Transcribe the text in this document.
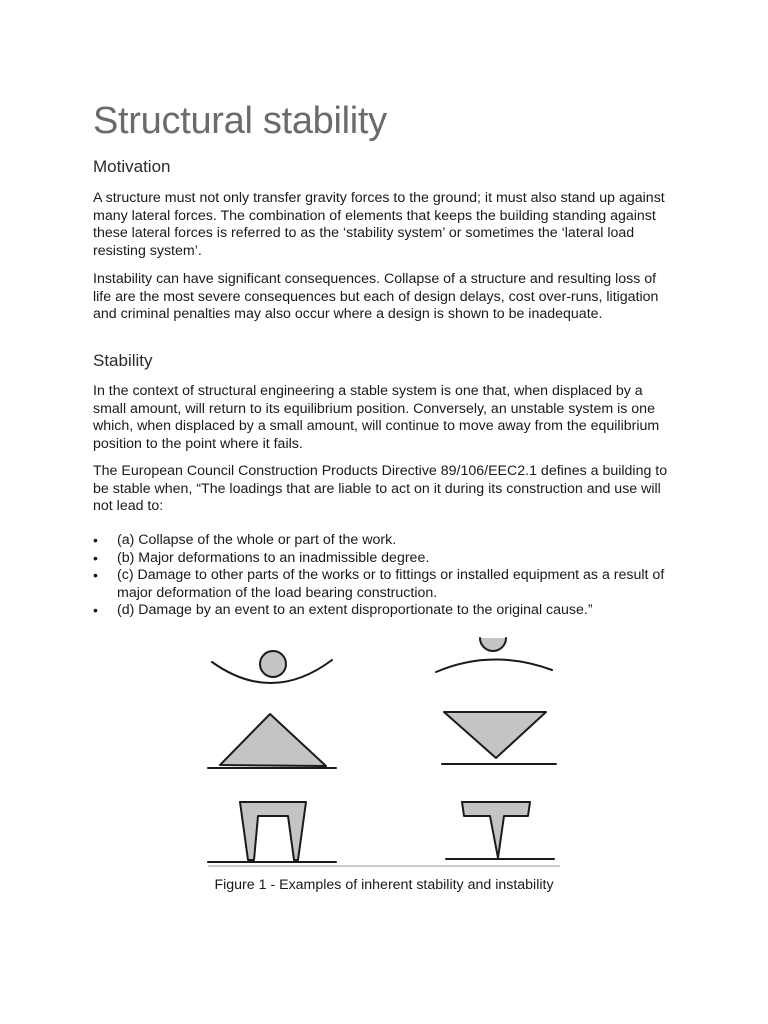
Structural stability
Motivation

A structure must not only transfer gravity forces to the ground; it must also stand up against many lateral forces. The combination of elements that keeps the building standing against these lateral forces is referred to as the ‘stability system’ or sometimes the ‘lateral load resisting system’.

Instability can have significant consequences. Collapse of a structure and resulting loss of life are the most severe consequences but each of design delays, cost over-runs, litigation and criminal penalties may also occur where a design is shown to be inadequate.

Stability

In the context of structural engineering a stable system is one that, when displaced by a small amount, will return to its equilibrium position. Conversely, an unstable system is one which, when displaced by a small amount, will continue to move away from the equilibrium position to the point where it fails.

The European Council Construction Products Directive 89/106/EEC2.1 defines a building to be stable when, “The loadings that are liable to act on it during its construction and use will not lead to:

• (a) Collapse of the whole or part of the work.
• (b) Major deformations to an inadmissible degree.
• (c) Damage to other parts of the works or to fittings or installed equipment as a result of major deformation of the load bearing construction.
• (d) Damage by an event to an extent disproportionate to the original cause.”
Figure 1 - Examples of inherent stability and instability
